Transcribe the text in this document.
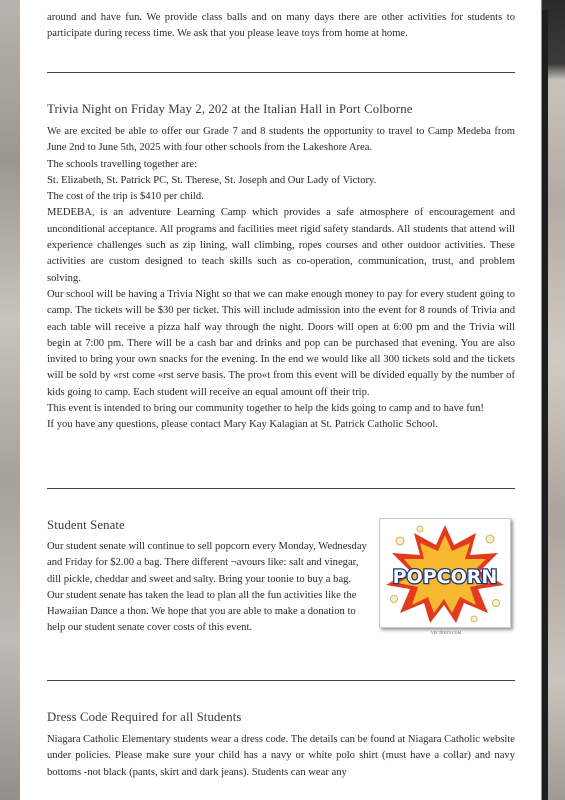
around and have fun. We provide class balls and on many days there are other activities for students to participate during recess time. We ask that you please leave toys from home at home.

Trivia Night on Friday May 2, 202 at the Italian Hall in Port Colborne

We are excited be able to offer our Grade 7 and 8 students the opportunity to travel to Camp Medeba from June 2nd to June 5th, 2025 with four other schools from the Lakeshore Area.

The schools travelling together are:

St. Elizabeth, St. Patrick PC, St. Therese, St. Joseph and Our Lady of Victory.

The cost of the trip is $410 per child.

MEDEBA, is an adventure Learning Camp which provides a safe atmosphere of encouragement and unconditional acceptance. All programs and facilities meet rigid safety standards. All students that attend will experience challenges such as zip lining, wall climbing, ropes courses and other outdoor activities. These activities are custom designed to teach skills such as co-operation, communication, trust, and problem solving.

Our school will be having a Trivia Night so that we can make enough money to pay for every student going to camp. The tickets will be $30 per ticket. This will include admission into the event for 8 rounds of Trivia and each table will receive a pizza half way through the night. Doors will open at 6:00 pm and the Trivia will begin at 7:00 pm. There will be a cash bar and drinks and pop can be purchased that evening. You are also invited to bring your own snacks for the evening. In the end we would like all 300 tickets sold and the tickets will be sold by «rst come «rst serve basis. The pro«t from this event will be divided equally by the number of kids going to camp. Each student will receive an equal amount off their trip.

This event is intended to bring our community together to help the kids going to camp and to have fun!

If you have any questions, please contact Mary Kay Kalagian at St. Patrick Catholic School.

Student Senate

Our student senate will continue to sell popcorn every Monday, Wednesday and Friday for $2.00 a bag. There different ¬avours like: salt and vinegar, dill pickle, cheddar and sweet and salty. Bring your toonie to buy a bag.

Our student senate has taken the lead to plan all the fun activities like the Hawaiian Dance a thon. We hope that you are able to make a donation to help our student senate cover costs of this event.

POPCORN
VECTEEZY.COM
Dress Code Required for all Students

Niagara Catholic Elementary students wear a dress code. The details can be found at Niagara Catholic website under policies. Please make sure your child has a navy or white polo shirt (must have a collar) and navy bottoms -not black (pants, skirt and dark jeans). Students can wear any
